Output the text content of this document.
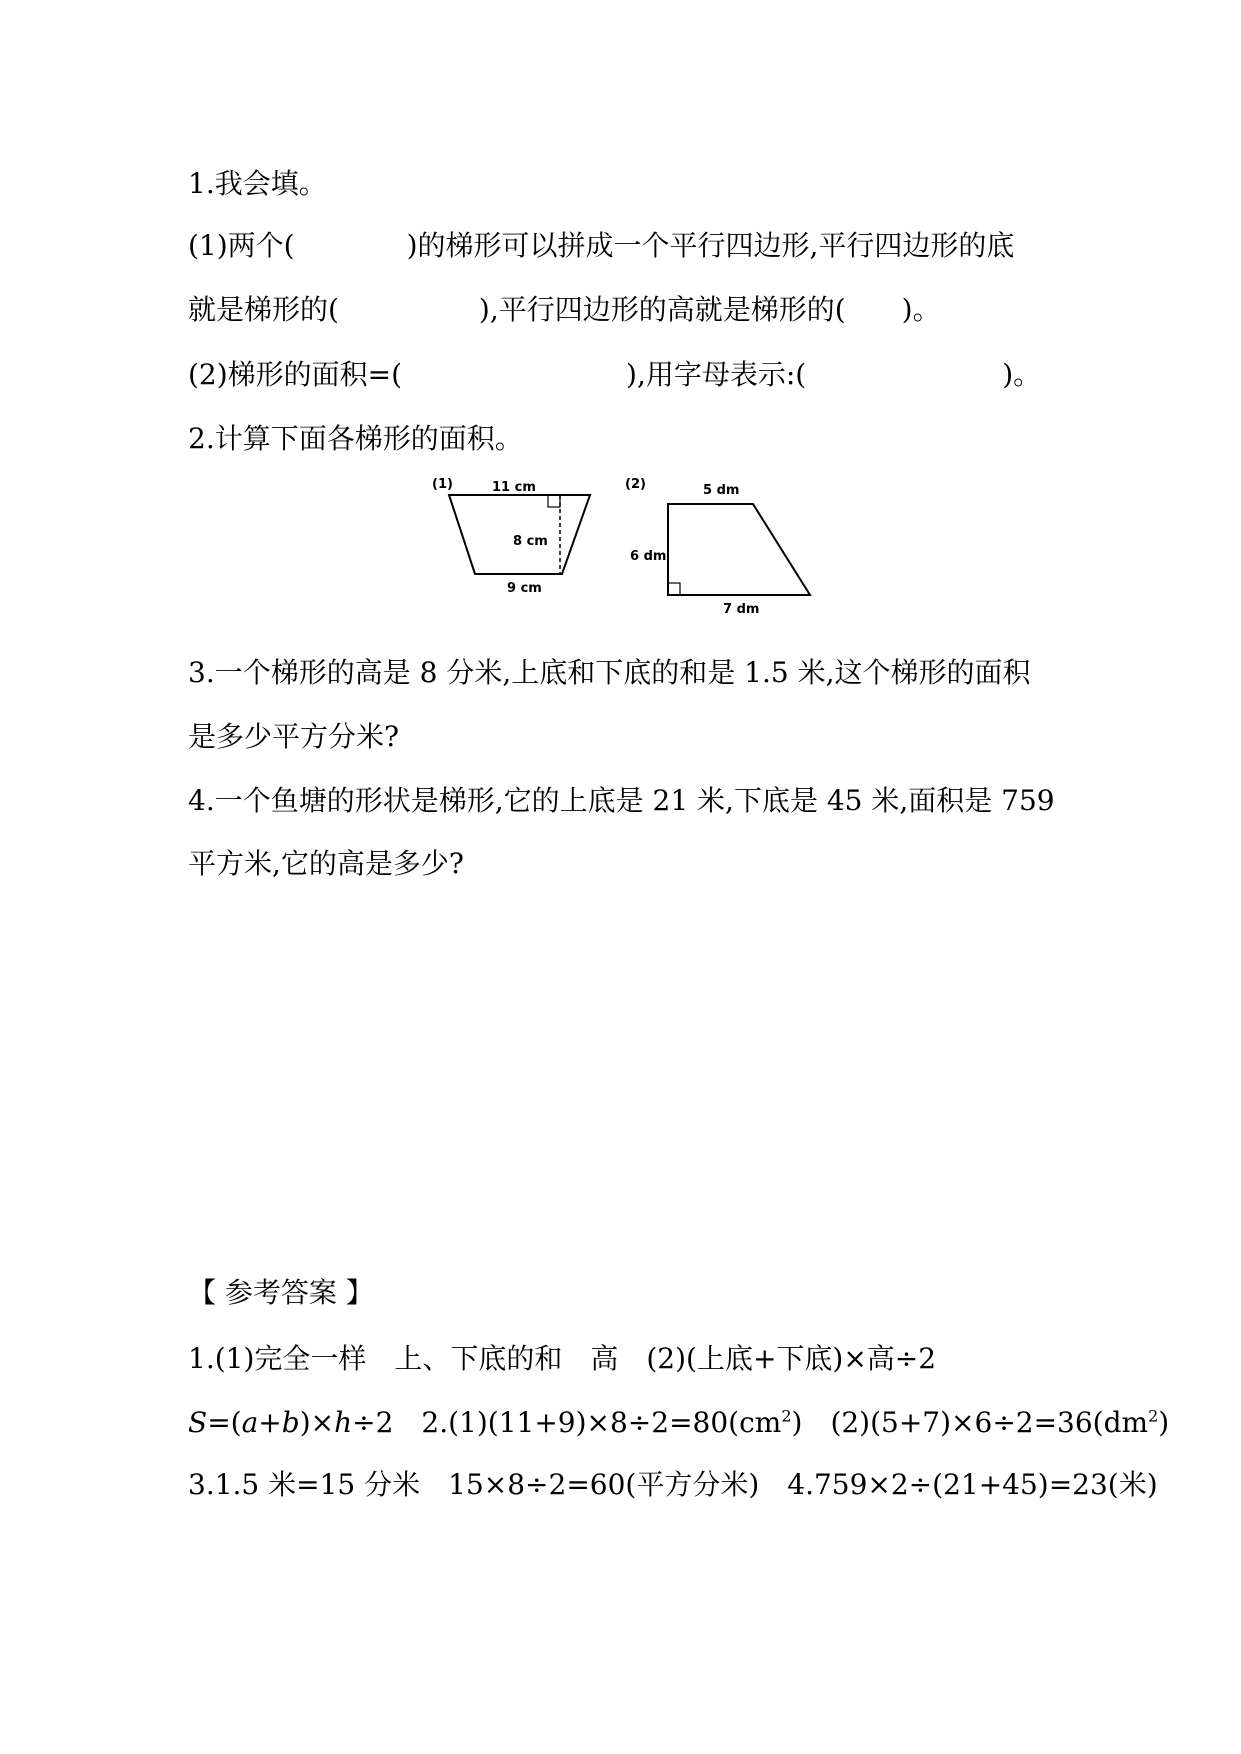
1.我会填。
(1)两个(　　　　)的梯形可以拼成一个平行四边形,平行四边形的底
就是梯形的(　　　　　),平行四边形的高就是梯形的(　　)。
(2)梯形的面积=(　　　　　　　　),用字母表示:(　　　　　　　)。
2.计算下面各梯形的面积。
(1)	11 cm
8 cm
9 cm
(2)	5 dm
6 dm
7 dm
3.一个梯形的高是 8 分米,上底和下底的和是 1.5 米,这个梯形的面积
是多少平方分米?
4.一个鱼塘的形状是梯形,它的上底是 21 米,下底是 45 米,面积是 759
平方米,它的高是多少?
【 参考答案 】
1.(1)完全一样　上、下底的和　高　(2)(上底+下底)×高÷2
S=(a+b)×h÷2　$2.(1)(11+9)\times 8\div 2=80(cm^2)$　$(2)(5+7)\times 6\div 2=36(dm^2)$
3.1.5 米=15 分米　15×8÷2=60(平方分米)　4.759×2÷(21+45)=23(米)
